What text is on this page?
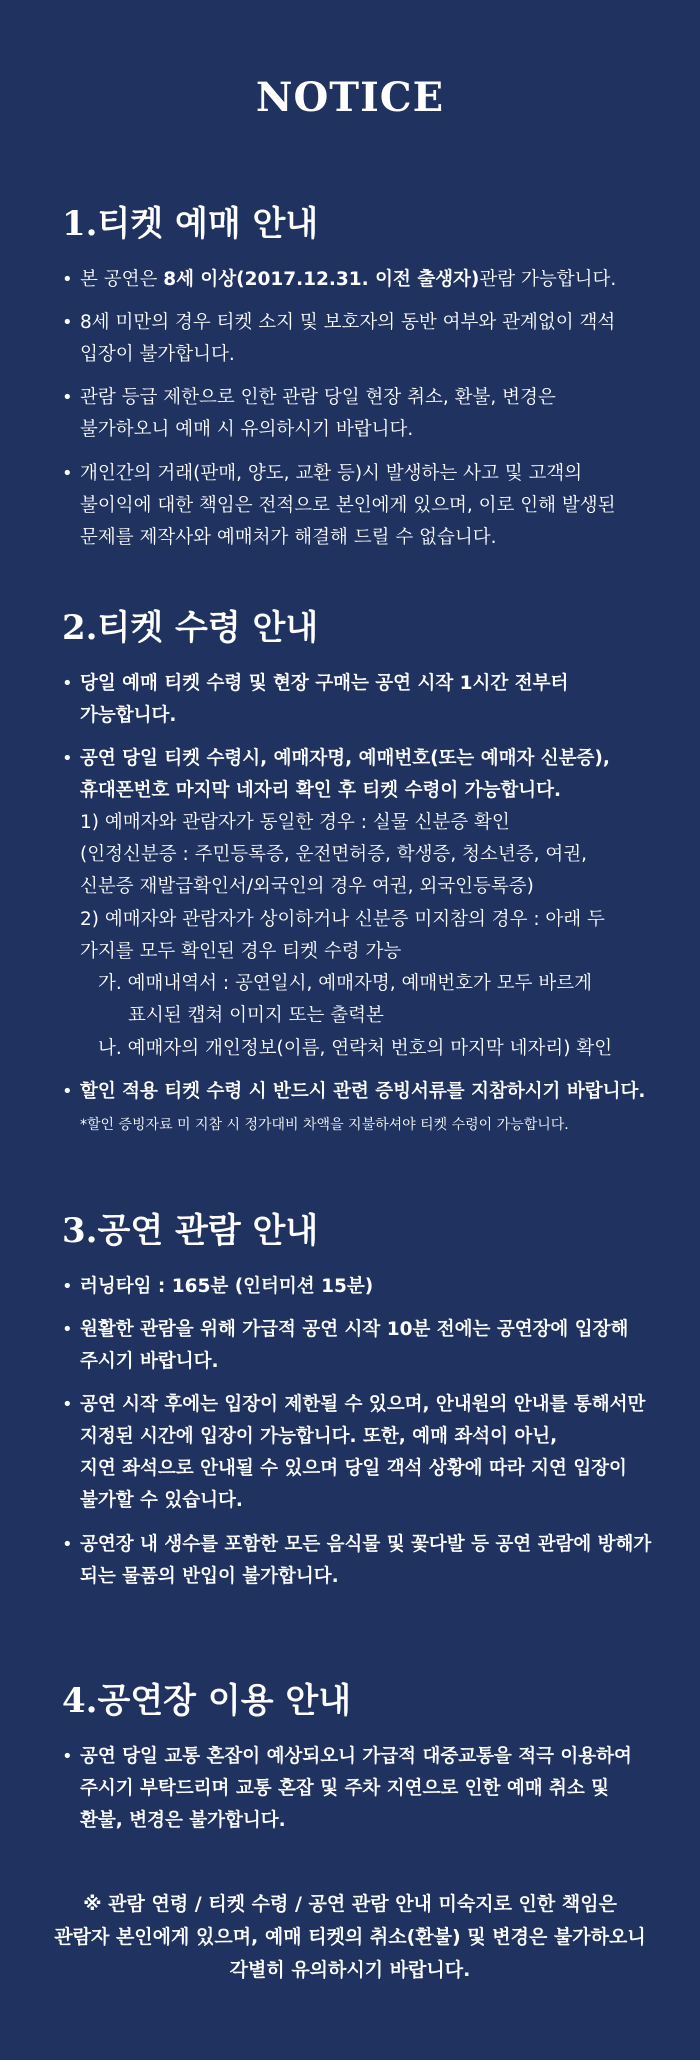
NOTICE
1.티켓 예매 안내
• 본 공연은 8세 이상(2017.12.31. 이전 출생자)관람 가능합니다.
• 8세 미만의 경우 티켓 소지 및 보호자의 동반 여부와 관계없이 객석
입장이 불가합니다.
• 관람 등급 제한으로 인한 관람 당일 현장 취소, 환불, 변경은
불가하오니 예매 시 유의하시기 바랍니다.
• 개인간의 거래(판매, 양도, 교환 등)시 발생하는 사고 및 고객의
불이익에 대한 책임은 전적으로 본인에게 있으며, 이로 인해 발생된
문제를 제작사와 예매처가 해결해 드릴 수 없습니다.
2.티켓 수령 안내
• 당일 예매 티켓 수령 및 현장 구매는 공연 시작 1시간 전부터
가능합니다.
• 공연 당일 티켓 수령시, 예매자명, 예매번호(또는 예매자 신분증),
휴대폰번호 마지막 네자리 확인 후 티켓 수령이 가능합니다.
1) 예매자와 관람자가 동일한 경우 : 실물 신분증 확인
(인정신분증 : 주민등록증, 운전면허증, 학생증, 청소년증, 여권,
신분증 재발급확인서/외국인의 경우 여권, 외국인등록증)
2) 예매자와 관람자가 상이하거나 신분증 미지참의 경우 : 아래 두
가지를 모두 확인된 경우 티켓 수령 가능
가. 예매내역서 : 공연일시, 예매자명, 예매번호가 모두 바르게
표시된 캡쳐 이미지 또는 출력본
나. 예매자의 개인정보(이름, 연락처 번호의 마지막 네자리) 확인
• 할인 적용 티켓 수령 시 반드시 관련 증빙서류를 지참하시기 바랍니다.
*할인 증빙자료 미 지참 시 정가대비 차액을 지불하셔야 티켓 수령이 가능합니다.
3.공연 관람 안내
• 러닝타임 : 165분 (인터미션 15분)
• 원활한 관람을 위해 가급적 공연 시작 10분 전에는 공연장에 입장해
주시기 바랍니다.
• 공연 시작 후에는 입장이 제한될 수 있으며, 안내원의 안내를 통해서만
지정된 시간에 입장이 가능합니다. 또한, 예매 좌석이 아닌,
지연 좌석으로 안내될 수 있으며 당일 객석 상황에 따라 지연 입장이
불가할 수 있습니다.
• 공연장 내 생수를 포함한 모든 음식물 및 꽃다발 등 공연 관람에 방해가
되는 물품의 반입이 불가합니다.
4.공연장 이용 안내
• 공연 당일 교통 혼잡이 예상되오니 가급적 대중교통을 적극 이용하여
주시기 부탁드리며 교통 혼잡 및 주차 지연으로 인한 예매 취소 및
환불, 변경은 불가합니다.
※ 관람 연령 / 티켓 수령 / 공연 관람 안내 미숙지로 인한 책임은
관람자 본인에게 있으며, 예매 티켓의 취소(환불) 및 변경은 불가하오니
각별히 유의하시기 바랍니다.
